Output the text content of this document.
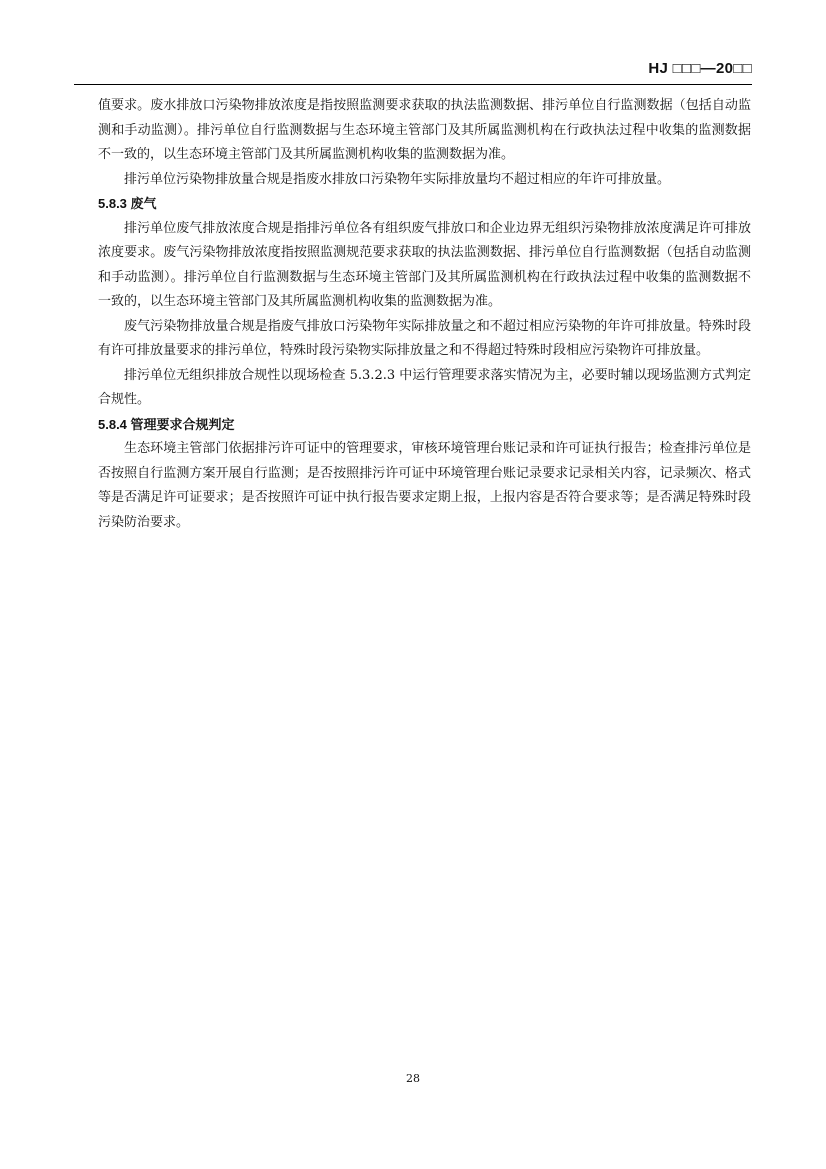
HJ □□□—20□□

值要求。废水排放口污染物排放浓度是指按照监测要求获取的执法监测数据、排污单位自行监测数据（包括自动监测和手动监测）。排污单位自行监测数据与生态环境主管部门及其所属监测机构在行政执法过程中收集的监测数据不一致的，以生态环境主管部门及其所属监测机构收集的监测数据为准。

排污单位污染物排放量合规是指废水排放口污染物年实际排放量均不超过相应的年许可排放量。

5.8.3 废气

排污单位废气排放浓度合规是指排污单位各有组织废气排放口和企业边界无组织污染物排放浓度满足许可排放浓度要求。废气污染物排放浓度指按照监测规范要求获取的执法监测数据、排污单位自行监测数据（包括自动监测和手动监测）。排污单位自行监测数据与生态环境主管部门及其所属监测机构在行政执法过程中收集的监测数据不一致的，以生态环境主管部门及其所属监测机构收集的监测数据为准。

废气污染物排放量合规是指废气排放口污染物年实际排放量之和不超过相应污染物的年许可排放量。特殊时段有许可排放量要求的排污单位，特殊时段污染物实际排放量之和不得超过特殊时段相应污染物许可排放量。

排污单位无组织排放合规性以现场检查 5.3.2.3 中运行管理要求落实情况为主，必要时辅以现场监测方式判定合规性。

5.8.4 管理要求合规判定

生态环境主管部门依据排污许可证中的管理要求，审核环境管理台账记录和许可证执行报告；检查排污单位是否按照自行监测方案开展自行监测；是否按照排污许可证中环境管理台账记录要求记录相关内容，记录频次、格式等是否满足许可证要求；是否按照许可证中执行报告要求定期上报，上报内容是否符合要求等；是否满足特殊时段污染防治要求。

28
